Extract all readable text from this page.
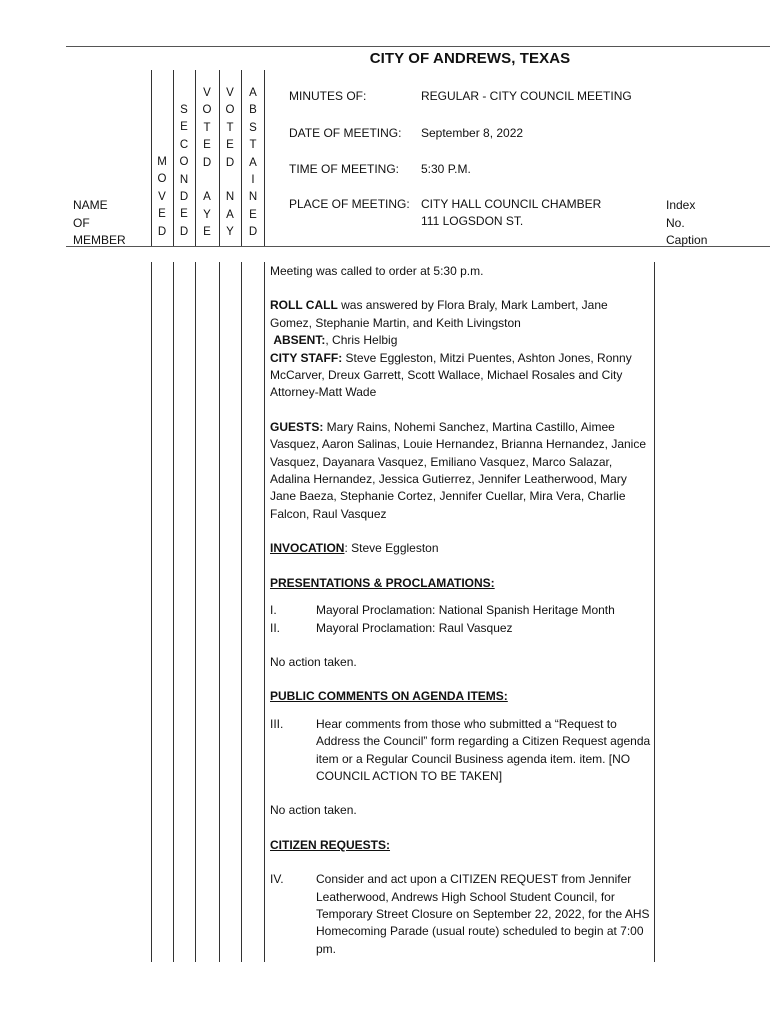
CITY OF ANDREWS, TEXAS
M
O
V
E
D
S
E
C
O
N
D
E
D
V
O
T
E
D
A
Y
E
V
O
T
E
D
N
A
Y
A
B
S
T
A
I
N
E
D
NAME
OF
MEMBER
MINUTES OF:	REGULAR - CITY COUNCIL MEETING
DATE OF MEETING: September 8, 2022
TIME OF MEETING: 5:30 P.M.
PLACE OF MEETING: CITY HALL COUNCIL CHAMBER
111 LOGSDON ST.
Index
No.
Caption

Meeting was called to order at 5:30 p.m.

ROLL CALL was answered by Flora Braly, Mark Lambert, Jane Gomez, Stephanie Martin, and Keith Livingston

ABSENT:, Chris Helbig

CITY STAFF: Steve Eggleston, Mitzi Puentes, Ashton Jones, Ronny McCarver, Dreux Garrett, Scott Wallace, Michael Rosales and City Attorney-Matt Wade

GUESTS: Mary Rains, Nohemi Sanchez, Martina Castillo, Aimee Vasquez, Aaron Salinas, Louie Hernandez, Brianna Hernandez, Janice Vasquez, Dayanara Vasquez, Emiliano Vasquez, Marco Salazar, Adalina Hernandez, Jessica Gutierrez, Jennifer Leatherwood, Mary Jane Baeza, Stephanie Cortez, Jennifer Cuellar, Mira Vera, Charlie Falcon, Raul Vasquez

INVOCATION: Steve Eggleston

PRESENTATIONS & PROCLAMATIONS:

I.	Mayoral Proclamation: National Spanish Heritage Month
II.	Mayoral Proclamation: Raul Vasquez

No action taken.

PUBLIC COMMENTS ON AGENDA ITEMS:

III.	Hear comments from those who submitted a “Request to Address the Council” form regarding a Citizen Request agenda item or a Regular Council Business agenda item. item. [NO COUNCIL ACTION TO BE TAKEN]

No action taken.

CITIZEN REQUESTS:

IV.	Consider and act upon a CITIZEN REQUEST from Jennifer Leatherwood, Andrews High School Student Council, for Temporary Street Closure on September 22, 2022, for the AHS Homecoming Parade (usual route) scheduled to begin at 7:00 pm.
